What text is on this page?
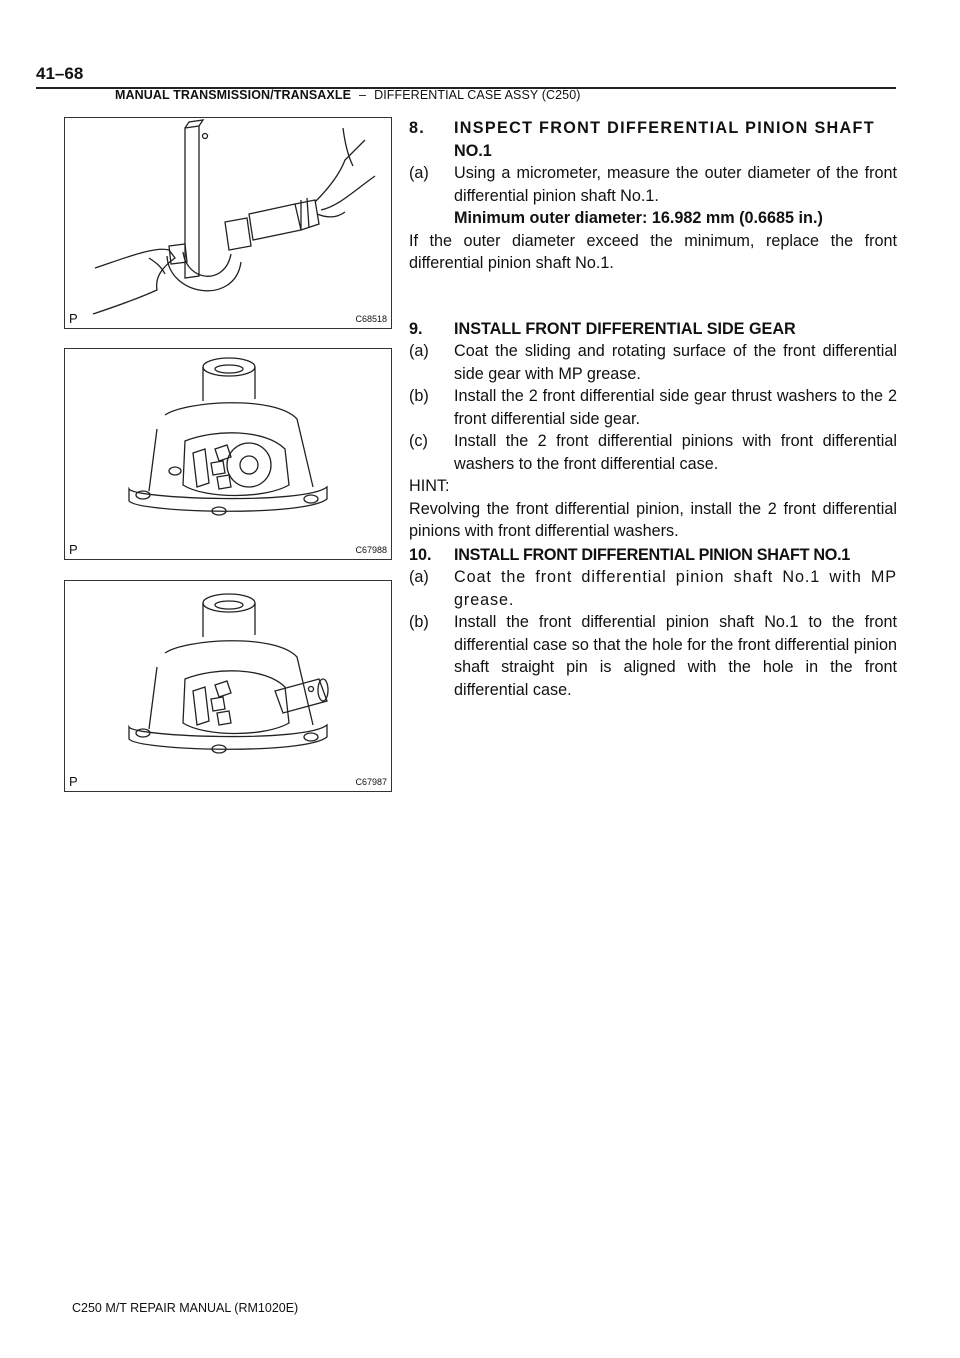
41–68
MANUAL TRANSMISSION/TRANSAXLE – DIFFERENTIAL CASE ASSY (C250)
P	C68518
P	C67988
P	C67987
8.	INSPECT FRONT DIFFERENTIAL PINION SHAFT
NO.1
(a)	Using a micrometer, measure the outer diameter of the front differential pinion shaft No.1.
Minimum outer diameter: 16.982 mm (0.6685 in.)

If the outer diameter exceed the minimum, replace the front differential pinion shaft No.1.

9.	INSTALL FRONT DIFFERENTIAL SIDE GEAR
(a)	Coat the sliding and rotating surface of the front differential side gear with MP grease.
(b)	Install the 2 front differential side gear thrust washers to the 2 front differential side gear.
(c)	Install the 2 front differential pinions with front differential washers to the front differential case.

HINT:

Revolving the front differential pinion, install the 2 front differential pinions with front differential washers.

10.	INSTALL FRONT DIFFERENTIAL PINION SHAFT NO.1
(a)	Coat the front differential pinion shaft No.1 with MP grease.
(b)	Install the front differential pinion shaft No.1 to the front differential case so that the hole for the front differential pinion shaft straight pin is aligned with the hole in the front differential case.
C250 M/T REPAIR MANUAL (RM1020E)
